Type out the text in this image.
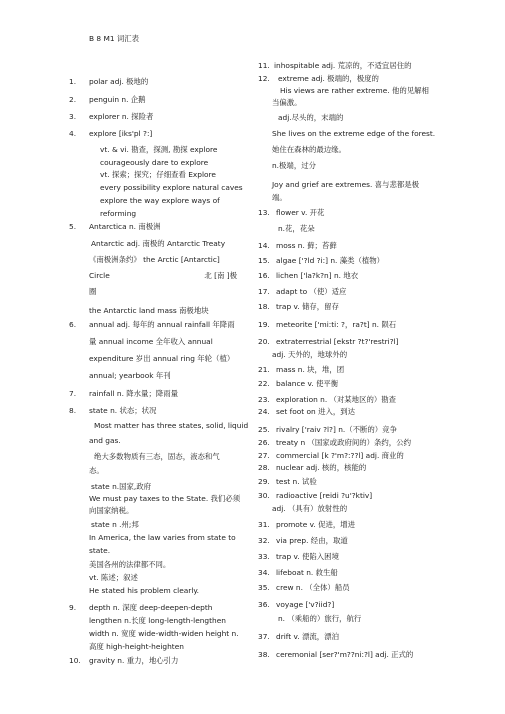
B 8 M1 词汇表
1. polar adj. 极地的
2. penguin n. 企鹅
3. explorer n. 探险者
4. explore [iks'pl ?:]
vt. & vi. 勘查，探测, 勘探 explore
courageously dare to explore
vt. 探索；探究；仔细查看 Explore
every possibility explore natural caves
explore the way explore ways of
reforming
5. Antarctica n. 南极洲
Antarctic adj. 南极的 Antarctic Treaty
《南极洲条约》 the Arctic [Antarctic]
Circle	北 [南 ]极
圈
the Antarctic land mass 南极地块
6. annual adj. 每年的 annual rainfall 年降雨
量 annual income 全年收入 annual
expenditure 岁出 annual ring 年轮（植）
annual; yearbook 年刊
7. rainfall n. 降水量；降雨量
8. state n. 状态；状况
Most matter has three states, solid, liquid
and gas.
绝大多数物质有三态，固态，液态和气
态。
state n.国家,政府
We must pay taxes to the State. 我们必须
向国家纳税。
state n .州;邦
In America, the law varies from state to
state.
美国各州的法律都不同。
vt. 陈述；叙述
He stated his problem clearly.
9. depth n. 深度 deep-deepen-depth
lengthen n.长度 long-length-lengthen
width n. 宽度 wide-width-widen height n.
高度 high-height-heighten
10. gravity n. 重力，地心引力
11. inhospitable adj. 荒凉的，不适宜居住的
12. extreme adj. 极端的，极度的
His views are rather extreme. 他的见解相
当偏激。
adj.尽头的，末端的
She lives on the extreme edge of the forest.
她住在森林的最边缘。
n.极端，过分
Joy and grief are extremes. 喜与悲都是极
端。
13. flower v. 开花
n.花，花朵
14. moss n. 藓；苔藓
15. algae ['?ld ?i:] n. 藻类（植物）
16. lichen ['la?k?n] n. 地衣
17. adapt to （使）适应
18. trap v. 储存，留存
19. meteorite ['mi:ti: ?，ra?t] n. 陨石
20. extraterrestrial [ekstr ?t?'restri?l]
adj. 天外的，地球外的
21. mass n. 块，堆，团
22. balance v. 使平衡
23. exploration n. （对某地区的）勘查
24. set foot on 进入，到达
25. rivalry ['raiv ?l?] n.（不断的）竞争
26. treaty n （国家或政府间的）条约，公约
27. commercial [k ?'m?:??l] adj. 商业的
28. nuclear adj. 核的，核能的
29. test n. 试验
30. radioactive [reidi ?u'?ktiv]
adj. （具有）放射性的
31. promote v. 促进，增进
32. via prep. 经由，取道
33. trap v. 使陷入困境
34. lifeboat n. 救生船
35. crew n. （全体）船员
36. voyage ['v?iid?]
n. （乘船的）旅行，航行
37. drift v. 漂流，漂泊
38. ceremonial [ser?'m??ni:?l] adj. 正式的
